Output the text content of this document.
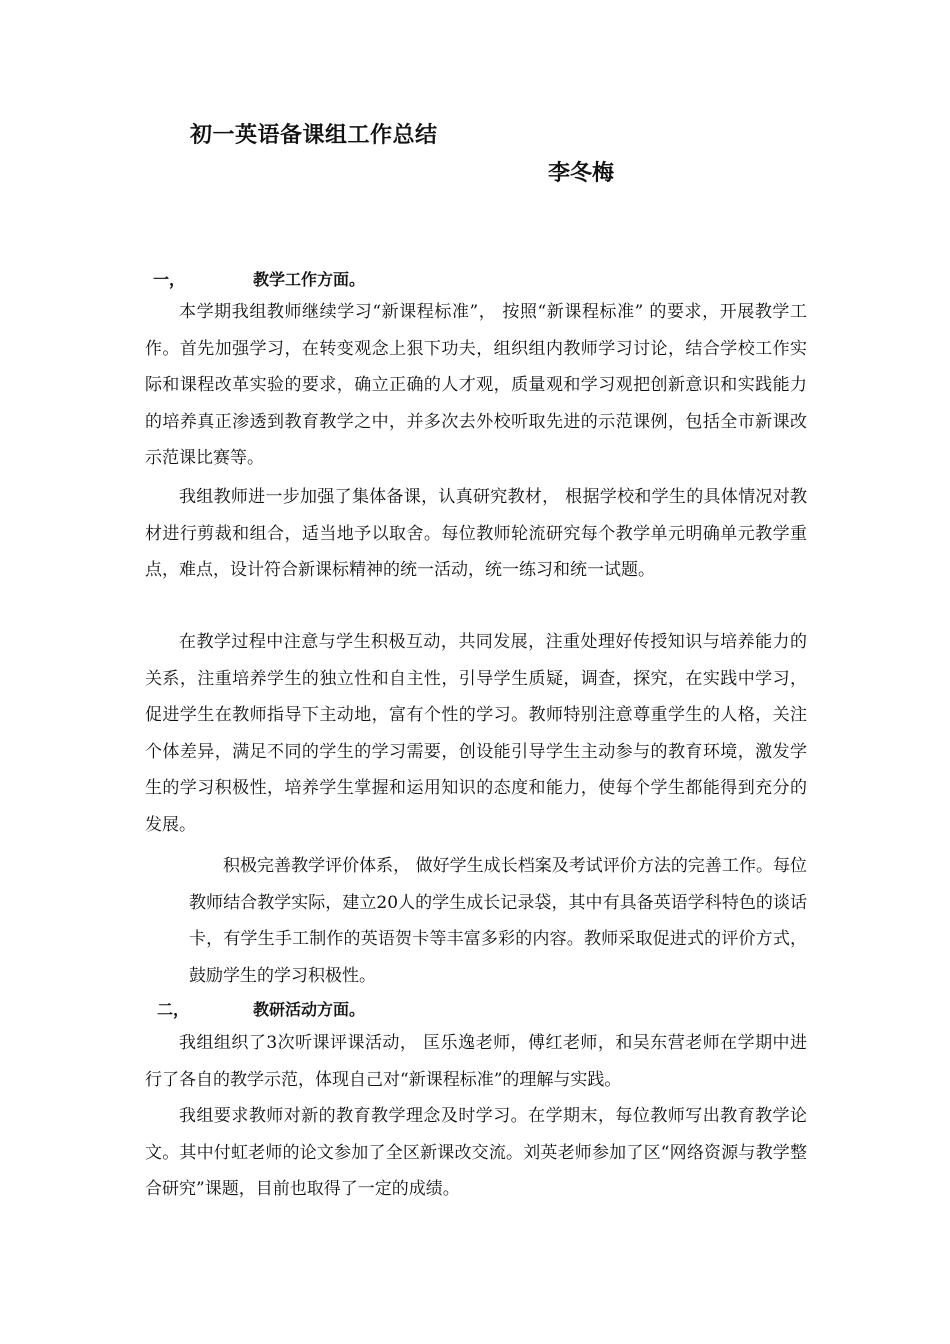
初一英语备课组工作总结

李冬梅

一，	教学工作方面。

本学期我组教师继续学习“新课程标准”， 按照“新课程标准” 的要求，开展教学工作。首先加强学习，在转变观念上狠下功夫，组织组内教师学习讨论，结合学校工作实际和课程改革实验的要求，确立正确的人才观，质量观和学习观把创新意识和实践能力的培养真正渗透到教育教学之中，并多次去外校听取先进的示范课例，包括全市新课改示范课比赛等。

我组教师进一步加强了集体备课，认真研究教材， 根据学校和学生的具体情况对教材进行剪裁和组合，适当地予以取舍。每位教师轮流研究每个教学单元明确单元教学重点，难点，设计符合新课标精神的统一活动，统一练习和统一试题。

在教学过程中注意与学生积极互动，共同发展，注重处理好传授知识与培养能力的关系，注重培养学生的独立性和自主性，引导学生质疑，调查，探究，在实践中学习，促进学生在教师指导下主动地，富有个性的学习。教师特别注意尊重学生的人格，关注个体差异，满足不同的学生的学习需要，创设能引导学生主动参与的教育环境，激发学生的学习积极性，培养学生掌握和运用知识的态度和能力，使每个学生都能得到充分的发展。

积极完善教学评价体系， 做好学生成长档案及考试评价方法的完善工作。每位教师结合教学实际，建立20人的学生成长记录袋，其中有具备英语学科特色的谈话卡，有学生手工制作的英语贺卡等丰富多彩的内容。教师采取促进式的评价方式，鼓励学生的学习积极性。

二，	教研活动方面。

我组组织了3次听课评课活动， 匡乐逸老师，傅红老师，和吴东营老师在学期中进行了各自的教学示范，体现自己对“新课程标准”的理解与实践。

我组要求教师对新的教育教学理念及时学习。在学期末，每位教师写出教育教学论文。其中付虹老师的论文参加了全区新课改交流。刘英老师参加了区“网络资源与教学整合研究”课题，目前也取得了一定的成绩。
